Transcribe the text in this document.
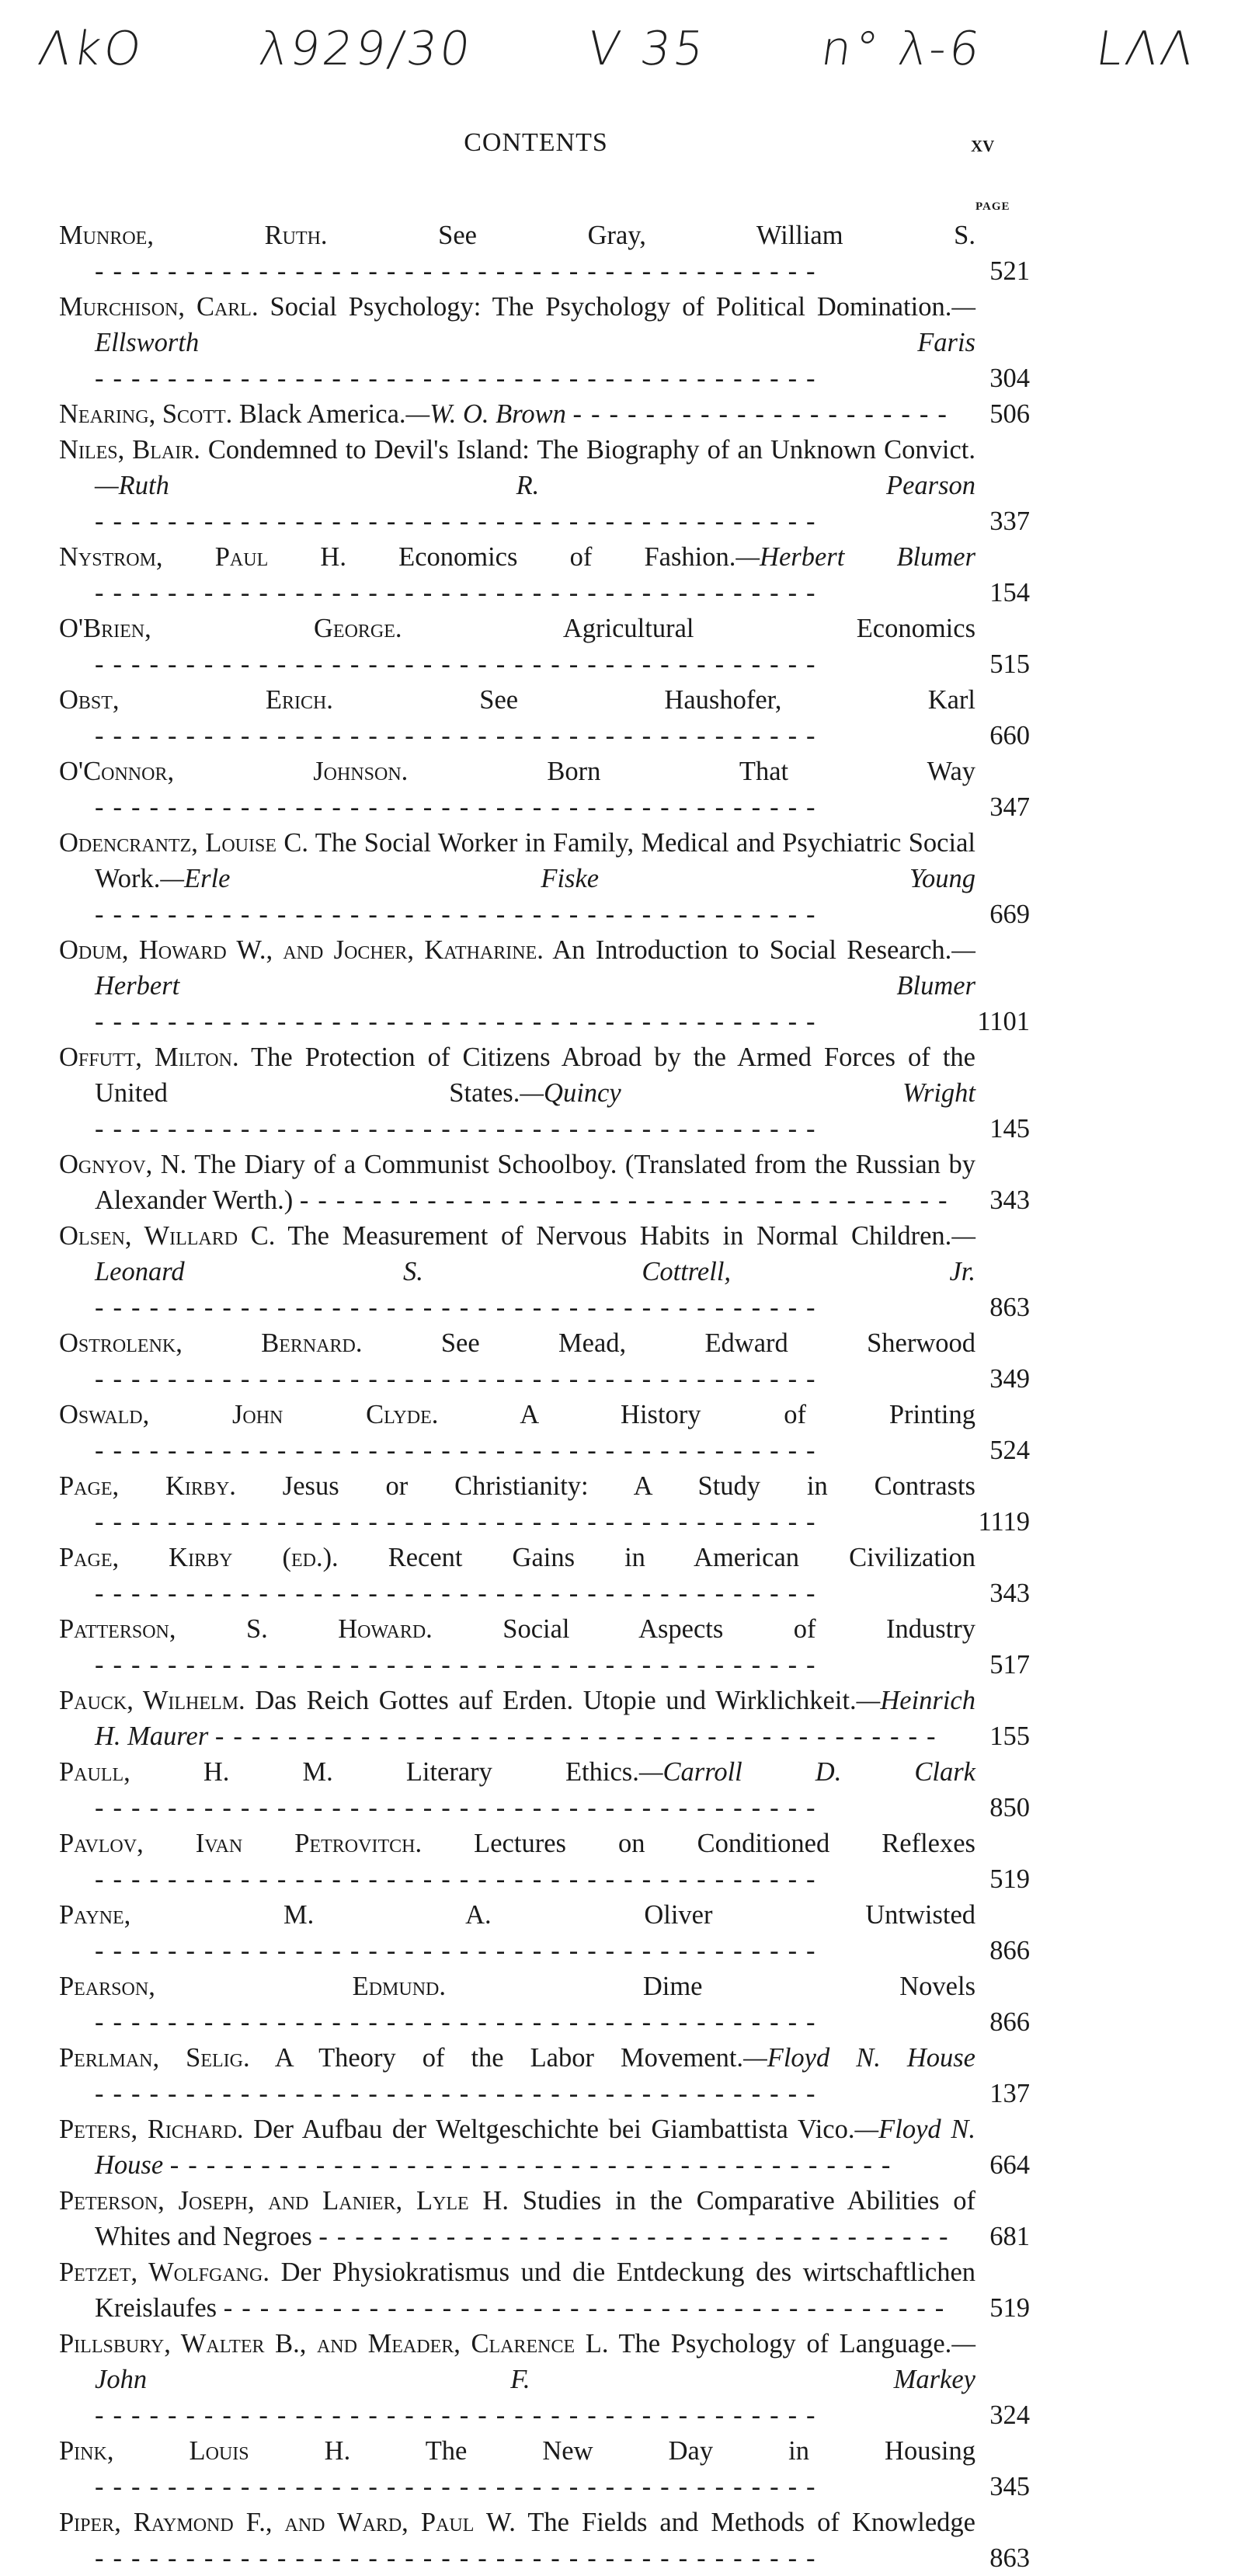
ΛkO λ929/30 V 35 n° λ-6 LΛΛ
CONTENTS	xv
PAGE
Munroe, Ruth.	See Gray, William S. ----------------------------------------	521
Murchison, Carl. Social Psychology: The Psychology of Political Domination.—Ellsworth Faris ----------------------------------------	304
Nearing, Scott. Black America.—W. O. Brown ---------------------	506
Niles, Blair. Condemned to Devil's Island: The Biography of an Unknown Convict.—Ruth R. Pearson ----------------------------------------	337
Nystrom, Paul H. Economics of Fashion.—Herbert Blumer ----------------------------------------	154
O'Brien, George.	Agricultural Economics ----------------------------------------	515
Obst, Erich.	See Haushofer, Karl ----------------------------------------	660
O'Connor, Johnson.	Born That Way ----------------------------------------	347
Odencrantz, Louise C. The Social Worker in Family, Medical and Psychiatric Social Work.—Erle Fiske Young ----------------------------------------	669
Odum, Howard W., and Jocher, Katharine. An Introduction to Social Research.—Herbert Blumer ----------------------------------------	1101
Offutt, Milton. The Protection of Citizens Abroad by the Armed Forces of the United States.—Quincy Wright ----------------------------------------	145
Ognyov, N. The Diary of a Communist Schoolboy. (Translated from the Russian by Alexander Werth.) ------------------------------------	343
Olsen, Willard C. The Measurement of Nervous Habits in Normal Children.—Leonard S. Cottrell, Jr. ----------------------------------------	863
Ostrolenk, Bernard.	See Mead, Edward Sherwood ----------------------------------------	349
Oswald, John Clyde.	A History of Printing ----------------------------------------	524
Page, Kirby. Jesus or Christianity: A Study in Contrasts ----------------------------------------	1119
Page, Kirby (ed.). Recent Gains in American Civilization ----------------------------------------	343
Patterson, S. Howard.	Social Aspects of Industry ----------------------------------------	517
Pauck, Wilhelm. Das Reich Gottes auf Erden. Utopie und Wirklichkeit.—Heinrich H. Maurer ----------------------------------------	155
Paull, H. M.	Literary Ethics.—Carroll D. Clark ----------------------------------------	850
Pavlov, Ivan Petrovitch. Lectures on Conditioned Reflexes ----------------------------------------	519
Payne, M. A.	Oliver Untwisted ----------------------------------------	866
Pearson, Edmund.	Dime Novels ----------------------------------------	866
Perlman, Selig. A Theory of the Labor Movement.—Floyd N. House ----------------------------------------	137
Peters, Richard. Der Aufbau der Weltgeschichte bei Giambattista Vico.—Floyd N. House ----------------------------------------	664
Peterson, Joseph, and Lanier, Lyle H. Studies in the Comparative Abilities of Whites and Negroes -----------------------------------	681
Petzet, Wolfgang. Der Physiokratismus und die Entdeckung des wirtschaftlichen Kreislaufes ----------------------------------------	519
Pillsbury, Walter B., and Meader, Clarence L. The Psychology of Language.—John F. Markey ----------------------------------------	324
Pink, Louis H.	The New Day in Housing ----------------------------------------	345
Piper, Raymond F., and Ward, Paul W. The Fields and Methods of Knowledge ----------------------------------------	863
